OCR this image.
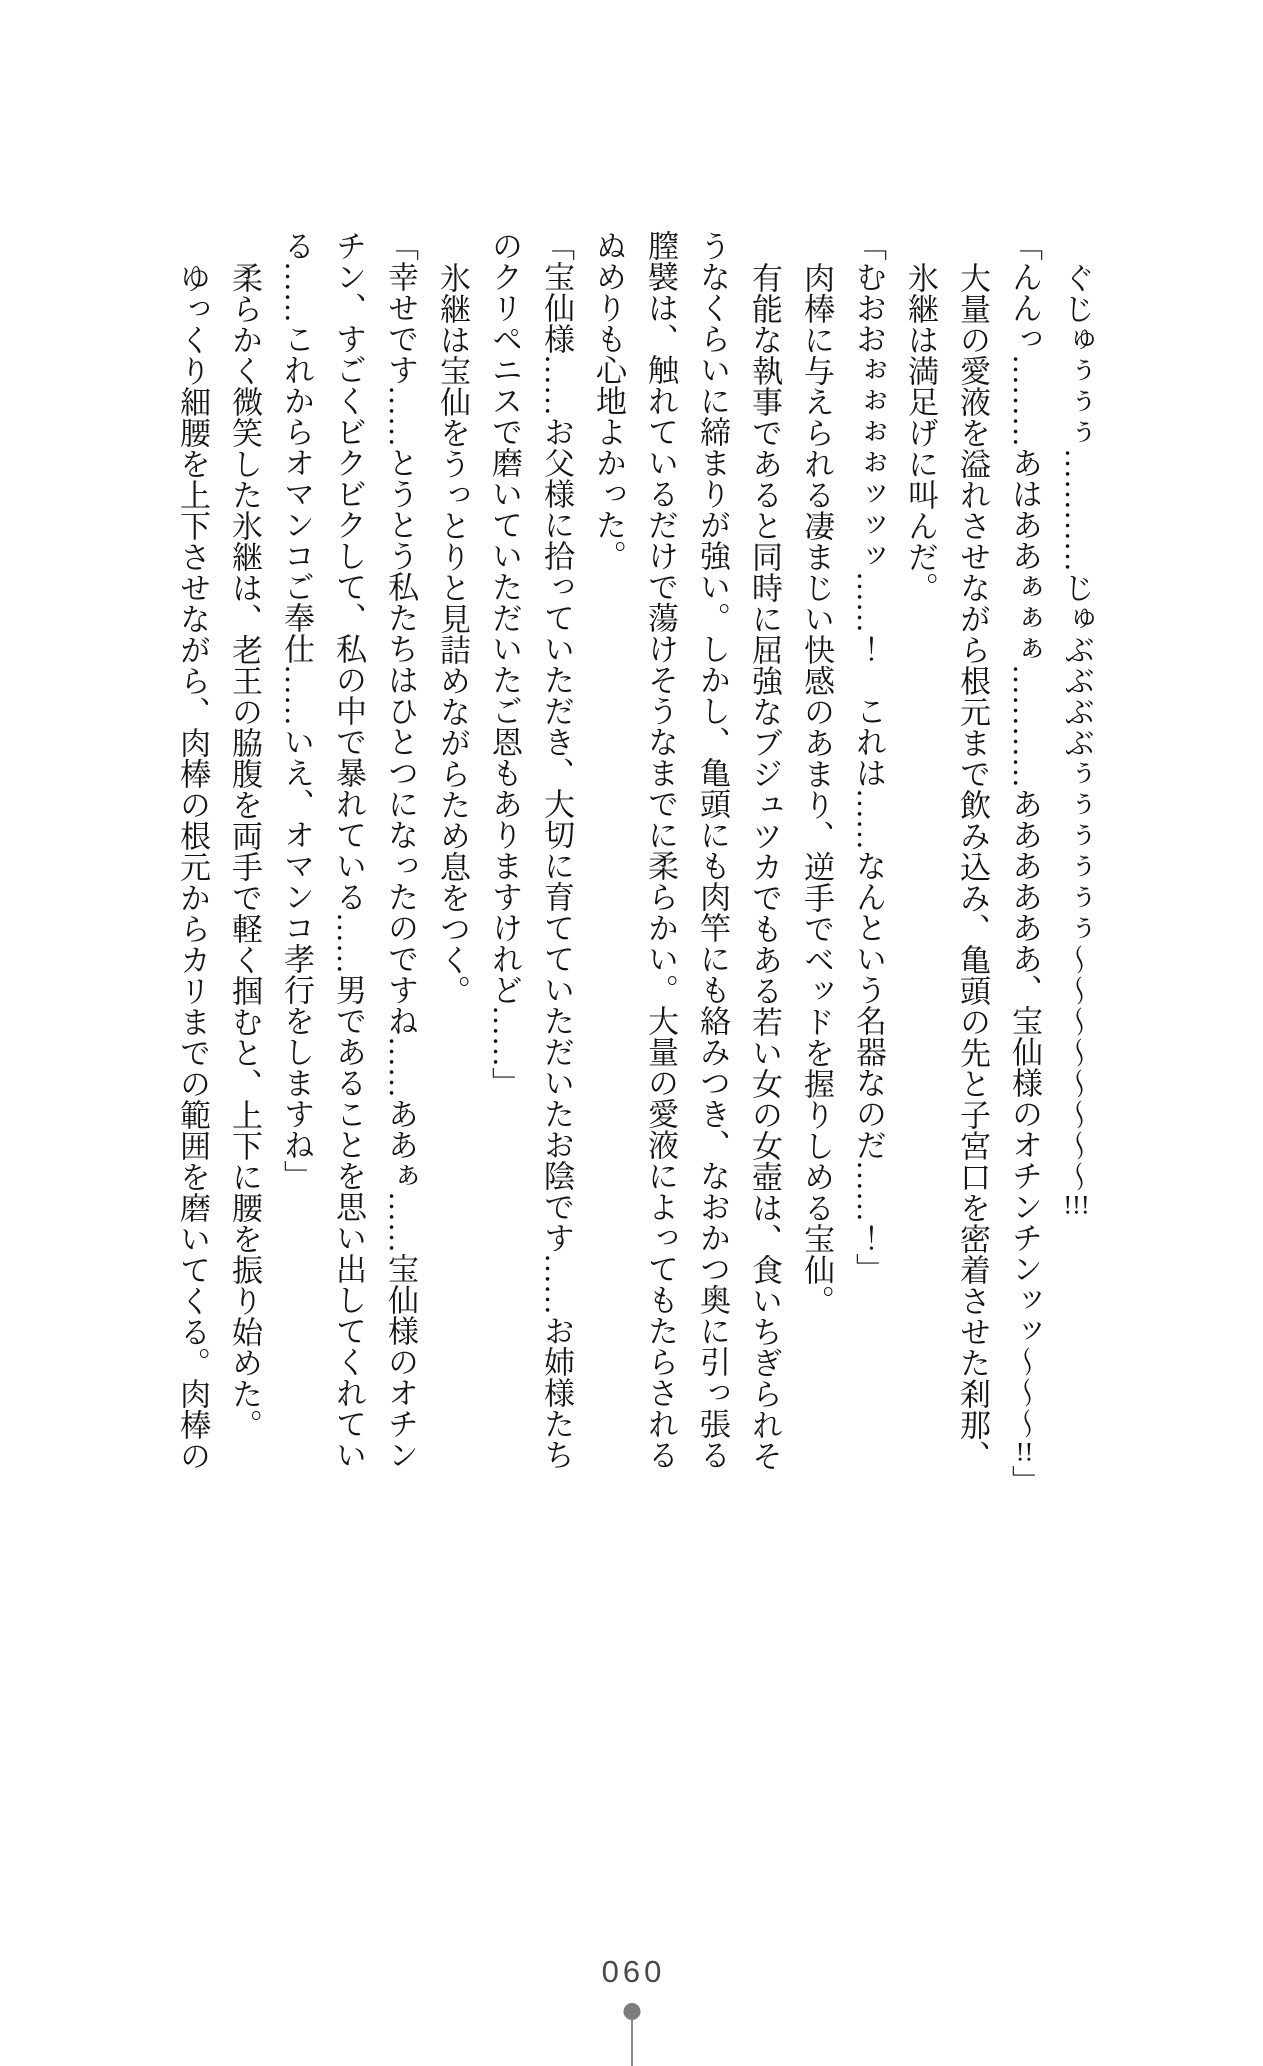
ぐじゅぅぅぅ…………じゅぶぶぶぶぅぅぅぅぅぅ～～～～～～～～!!!

「んんっ………あはああぁぁぁ…………ああああああ、宝仙様のオチンチンッッ～～～!!」

大量の愛液を溢れさせながら根元まで飲み込み、亀頭の先と子宮口を密着させた刹那、

氷継は満足げに叫んだ。

「むおおぉぉぉぉッッッ……！　これは……なんという名器なのだ……！」

肉棒に与えられる凄まじい快感のあまり、逆手でベッドを握りしめる宝仙。

有能な執事であると同時に屈強なブジュツカでもある若い女の女壺は、食いちぎられそ

うなくらいに締まりが強い。しかし、亀頭にも肉竿にも絡みつき、なおかつ奥に引っ張る

膣襞は、触れているだけで蕩けそうなまでに柔らかい。大量の愛液によってもたらされる

ぬめりも心地よかった。

「宝仙様……お父様に拾っていただき、大切に育てていただいたお陰です……お姉様たち

のクリペニスで磨いていただいたご恩もありますけれど……」

氷継は宝仙をうっとりと見詰めながらため息をつく。

「幸せです……とうとう私たちはひとつになったのですね……ああぁ……宝仙様のオチン

チン、すごくビクビクして、私の中で暴れている……男であることを思い出してくれてい

る……これからオマンコご奉仕……いえ、オマンコ孝行をしますね」

柔らかく微笑した氷継は、老王の脇腹を両手で軽く掴むと、上下に腰を振り始めた。

ゆっくり細腰を上下させながら、肉棒の根元からカリまでの範囲を磨いてくる。肉棒の

060
